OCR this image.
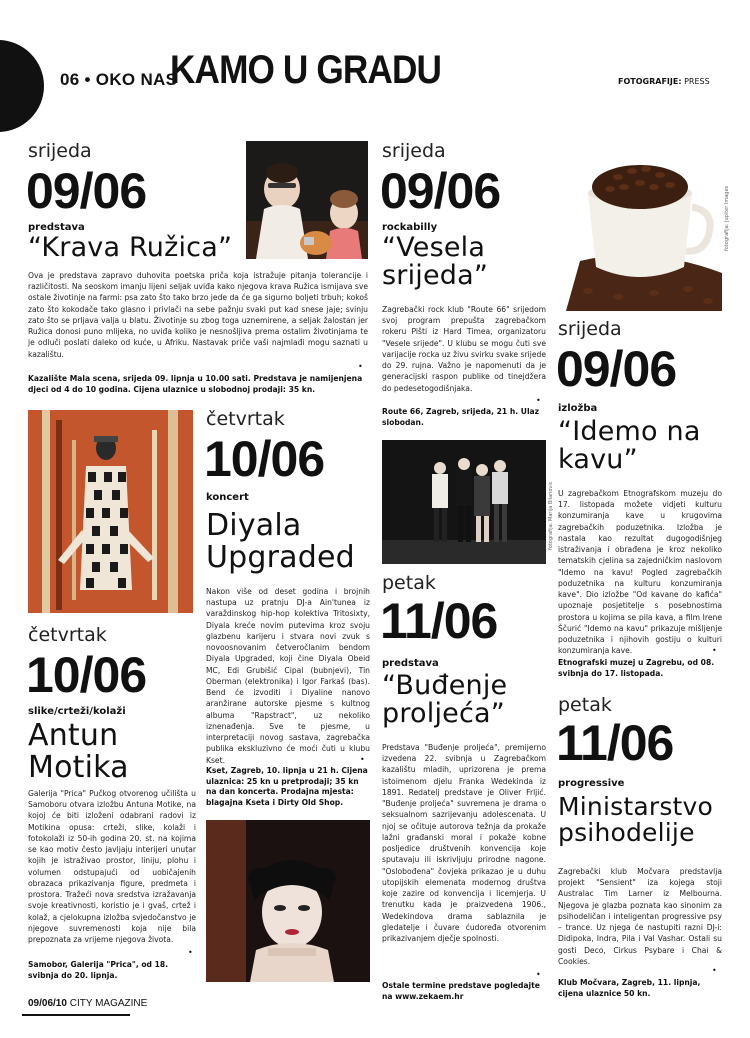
06 • OKO NAS
KAMO U GRADU	FOTOGRAFIJE: PRESS
srijeda
09/06
predstava
“Krava Ružica”
Ova je predstava zapravo duhovita poetska priča koja istražuje pitanja tolerancije i različitosti. Na seoskom imanju lijeni seljak uviđa kako njegova krava Ružica ismijava sve ostale životinje na farmi: psa zato što tako brzo jede da će ga sigurno boljeti trbuh; kokoš zato što kokodače tako glasno i privlači na sebe pažnju svaki put kad snese jaje; svinju zato što se prljava valja u blatu. Životinje su zbog toga uznemirene, a seljak žalostan jer Ružica donosi puno mlijeka, no uviđa koliko je nesnošljiva prema ostalim životinjama te je odluči poslati daleko od kuće, u Afriku. Nastavak priče vaši najmlađi mogu saznati u kazalištu.
Kazalište Mala scena, srijeda 09. lipnja u 10.00 sati. Predstava je namijenjena djeci od 4 do 10 godina. Cijena ulaznice u slobodnoj prodaji: 35 kn.
•
četvrtak
10/06
slike/crteži/kolaži
Antun Motika
Galerija "Prica" Pučkog otvorenog učilišta u Samoboru otvara izložbu Antuna Motike, na kojoj će biti izloženi odabrani radovi iz Motikina opusa: crteži, slike, kolaži i fotokolaži iz 50-ih godina 20. st. na kojima se kao motiv često javljaju interijeri unutar kojih je istraživao prostor, liniju, plohu i volumen odstupajući od uobičajenih obrazaca prikazivanja figure, predmeta i prostora. Tražeći nova sredstva izražavanja svoje kreativnosti, koristio je i gvaš, crtež i kolaž, a cjelokupna izložba svjedočanstvo je njegove suvremenosti koja nije bila prepoznata za vrijeme njegova života.
Samobor, Galerija "Prica", od 18. svibnja do 20. lipnja.
•
četvrtak
10/06
koncert
Diyala Upgraded
Nakon više od deset godina i brojnih nastupa uz pratnju DJ-a Ain'tunea iz varaždinskog hip-hop kolektiva Tritosixty, Diyala kreće novim putevima kroz svoju glazbenu karijeru i stvara novi zvuk s novoosnovanim četveročlanim bendom Diyala Upgraded, koji čine Diyala Obeid MC, Edi Grubišić Cipal (bubnjevi), Tin Oberman (elektronika) i Igor Farkaš (bas). Bend će izvoditi i Diyaline nanovo aranžirane autorske pjesme s kultnog albuma "Rapstract", uz nekoliko iznenađenja. Sve te pjesme, u interpretaciji novog sastava, zagrebačka publika ekskluzivno će moći čuti u klubu Kset.
Kset, Zagreb, 10. lipnja u 21 h. Cijena ulaznica: 25 kn u pretprodaji; 35 kn na dan koncerta. Prodajna mjesta: blagajna Kseta i Dirty Old Shop.
•
srijeda
09/06
rockabilly
“Vesela srijeda”
Zagrebački rock klub "Route 66" srijedom svoj program prepušta zagrebačkom rokeru Pišti iz Hard Timea, organizatoru "Vesele srijede". U klubu se mogu čuti sve varijacije rocka uz živu svirku svake srijede do 29. rujna. Važno je napomenuti da je generacijski raspon publike od tinejdžera do pedesetogodišnjaka.
Route 66, Zagreb, srijeda, 21 h. Ulaz slobodan.
•
fotografija: Marija Bilanovic
petak
11/06
predstava
“Buđenje proljeća”
Predstava "Buđenje proljeća", premijerno izvedena 22. svibnja u Zagrebačkom kazalištu mladih, uprizorena je prema istoimenom djelu Franka Wedekinda iz 1891. Redatelj predstave je Oliver Frljić. "Buđenje proljeća" suvremena je drama o seksualnom sazrijevanju adolescenata. U njoj se očituje autorova težnja da prokaže lažni građanski moral i pokaže kobne posljedice društvenih konvencija koje sputavaju ili iskrivljuju prirodne nagone. "Oslobođena" čovjeka prikazao je u duhu utopijskih elemenata modernog društva koje zazire od konvencija i licemjerja. U trenutku kada je praizvedena 1906., Wedekindova drama sablaznila je gledatelje i čuvare ćudoređa otvorenim prikazivanjem dječje spolnosti.
Ostale termine predstave pogledajte na www.zekaem.hr
•
fotografija: Jupiter Images
srijeda
09/06
izložba
“Idemo na kavu”
U zagrebačkom Etnografskom muzeju do 17. listopada možete vidjeti kulturu konzumiranja kave u krugovima zagrebačkih poduzetnika. Izložba je nastala kao rezultat dugogodišnjeg istraživanja i obrađena je kroz nekoliko tematskih cjelina sa zajedničkim naslovom "Idemo na kavu! Pogled zagrebačkih poduzetnika na kulturu konzumiranja kave". Dio izložbe "Od kavane do kafića" upoznaje posjetitelje s posebnostima prostora u kojima se pila kava, a film Irene Ščurić "Idemo na kavu" prikazuje mišljenje poduzetnika i njihovih gostiju o kulturi konzumiranja kave.
Etnografski muzej u Zagrebu, od 08. svibnja do 17. listopada.
•
petak
11/06
progressive
Ministarstvo psihodelije
Zagrebački klub Močvara predstavlja projekt "Sensient" iza kojega stoji Australac Tim Larner iz Melbourna. Njegova je glazba poznata kao sinonim za psihodeličan i inteligentan progressive psy – trance. Uz njega će nastupiti razni DJ-i: Didipoka, Indra, Pila i Val Vashar. Ostali su gosti Deco, Cirkus Psybare i Chai & Cookies.
Klub Močvara, Zagreb, 11. lipnja, cijena ulaznice 50 kn.
•
09/06/10 CITY MAGAZINE
